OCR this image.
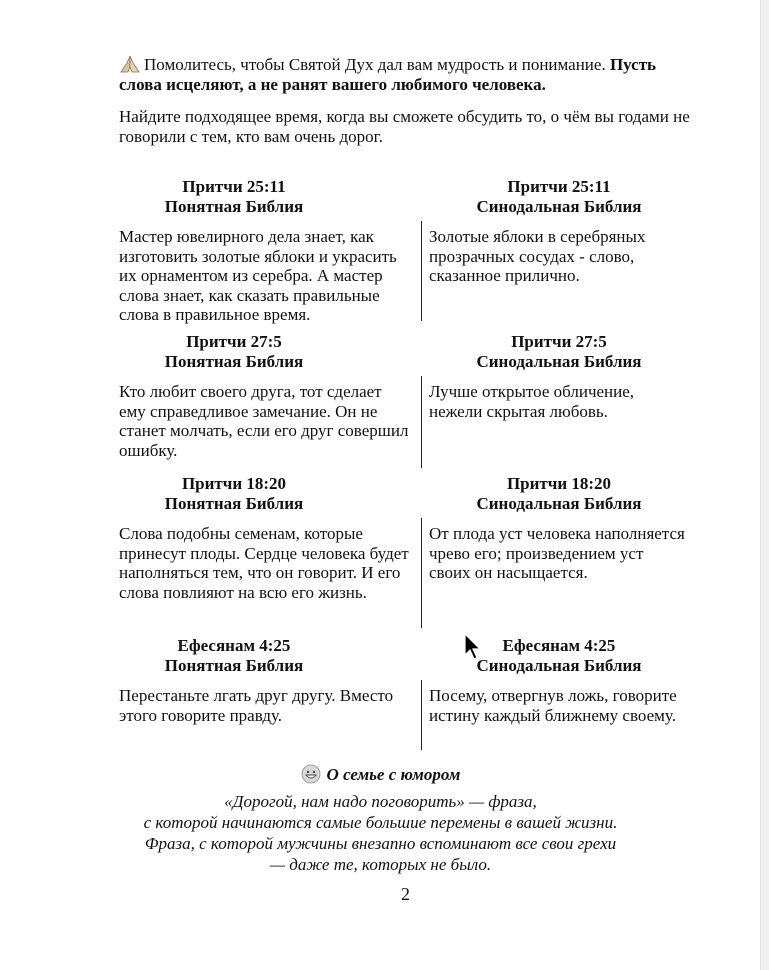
Помолитесь, чтобы Святой Дух дал вам мудрость и понимание. Пусть слова исцеляют, а не ранят вашего любимого человека.

Найдите подходящее время, когда вы сможете обсудить то, о чём вы годами не говорили с тем, кто вам очень дорог.

Притчи 25:11
Понятная Библия
Мастер ювелирного дела знает, как изготовить золотые яблоки и украсить их орнаментом из серебра. А мастер слова знает, как сказать правильные слова в правильное время.
Притчи 25:11
Синодальная Библия
Золотые яблоки в серебряных прозрачных сосудах - слово, сказанное прилично.
Притчи 27:5
Понятная Библия
Кто любит своего друга, тот сделает ему справедливое замечание. Он не станет молчать, если его друг совершил ошибку.
Притчи 27:5
Синодальная Библия
Лучше открытое обличение, нежели скрытая любовь.
Притчи 18:20
Понятная Библия
Слова подобны семенам, которые принесут плоды. Сердце человека будет наполняться тем, что он говорит. И его слова повлияют на всю его жизнь.
Притчи 18:20
Синодальная Библия
От плода уст человека наполняется чрево его; произведением уст своих он насыщается.
Ефесянам 4:25
Понятная Библия
Перестаньте лгать друг другу. Вместо этого говорите правду.
Ефесянам 4:25
Синодальная Библия
Посему, отвергнув ложь, говорите истину каждый ближнему своему.
О семье с юмором
«Дорогой, нам надо поговорить» — фраза,
с которой начинаются самые большие перемены в вашей жизни.
Фраза, с которой мужчины внезапно вспоминают все свои грехи
— даже те, которых не было.
2
